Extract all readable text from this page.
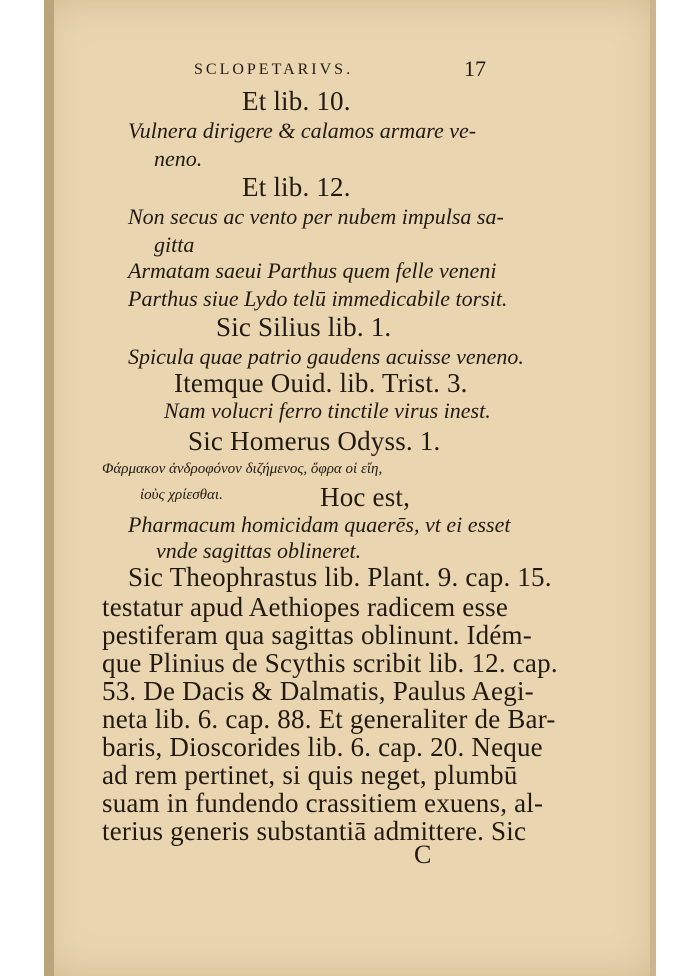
SCLOPETARIVS.	17
Et lib. 10.
Vulnera dirigere & calamos armare ve-
neno.
Et lib. 12.
Non secus ac vento per nubem impulsa sa-
gitta
Armatam saeui Parthus quem felle veneni
Parthus siue Lydo telū immedicabile torsit.
Sic Silius lib. 1.
Spicula quae patrio gaudens acuisse veneno.
Itemque Ouid. lib. Trist. 3.
Nam volucri ferro tinctile virus inest.
Sic Homerus Odyss. 1.
Φάρμακον ἀνδροφόνον διζήμενος, ὄφρα οἱ εἴη,
ἰοὺς χρίεσθαι.	Hoc est,
Pharmacum homicidam quaerēs, vt ei esset
vnde sagittas oblineret.
Sic Theophrastus lib. Plant. 9. cap. 15.
testatur apud Aethiopes radicem esse
pestiferam qua sagittas oblinunt. Idém-
que Plinius de Scythis scribit lib. 12. cap.
53. De Dacis & Dalmatis, Paulus Aegi-
neta lib. 6. cap. 88. Et generaliter de Bar-
baris, Dioscorides lib. 6. cap. 20. Neque
ad rem pertinet, si quis neget, plumbū
suam in fundendo crassitiem exuens, al-
terius generis substantiā admittere. Sic
C
